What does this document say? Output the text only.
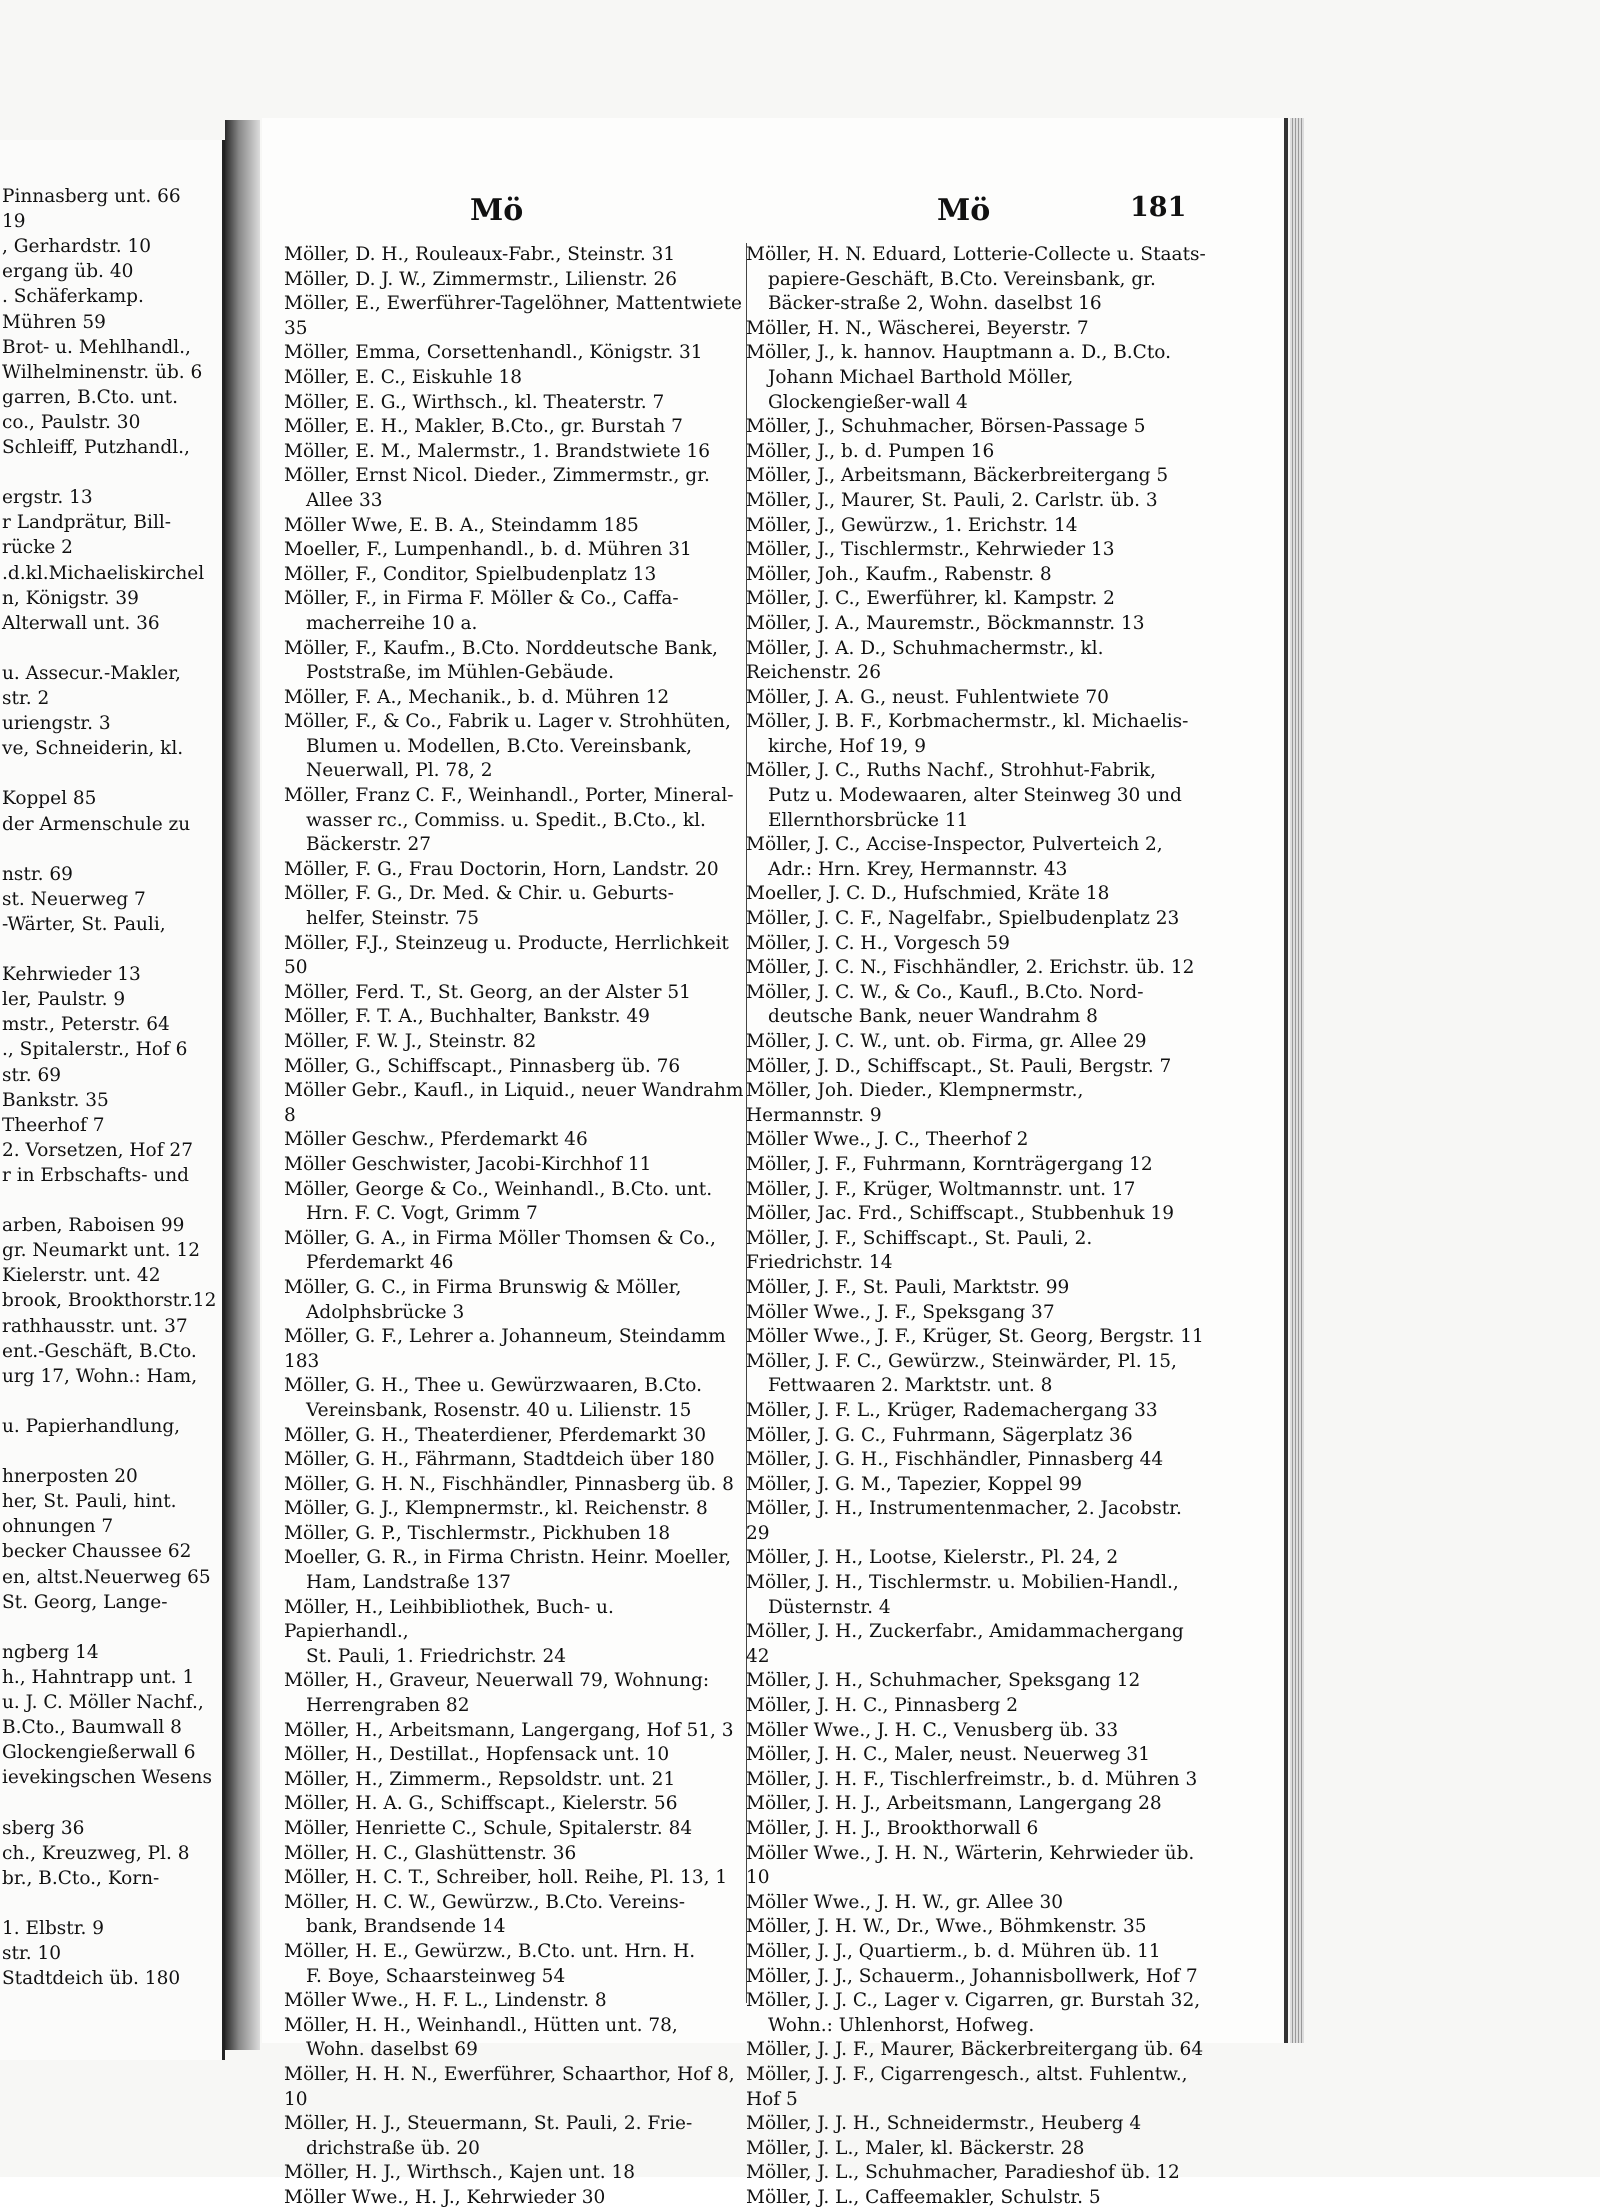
Pinnasberg unt. 66
19
, Gerhardstr. 10
ergang üb. 40
. Schäferkamp.
Mühren 59
Brot- u. Mehlhandl.,
Wilhelminenstr. üb. 6
garren, B.Cto. unt.
co., Paulstr. 30
Schleiff, Putzhandl.,
ergstr. 13
r Landprätur, Bill-
rücke 2
.d.kl.Michaeliskirchel
n, Königstr. 39
Alterwall unt. 36
u. Assecur.-Makler,
str. 2
uriengstr. 3
ve, Schneiderin, kl.
Koppel 85
der Armenschule zu
nstr. 69
st. Neuerweg 7
-Wärter, St. Pauli,
Kehrwieder 13
ler, Paulstr. 9
mstr., Peterstr. 64
., Spitalerstr., Hof 6
str. 69
Bankstr. 35
Theerhof 7
2. Vorsetzen, Hof 27
r in Erbschafts- und
arben, Raboisen 99
gr. Neumarkt unt. 12
Kielerstr. unt. 42
brook, Brookthorstr.12
rathhausstr. unt. 37
ent.-Geschäft, B.Cto.
urg 17, Wohn.: Ham,
u. Papierhandlung,
hnerposten 20
her, St. Pauli, hint.
ohnungen 7
becker Chaussee 62
en, altst.Neuerweg 65
St. Georg, Lange-
ngberg 14
h., Hahntrapp unt. 1
u. J. C. Möller Nachf.,
B.Cto., Baumwall 8
Glockengießerwall 6
ievekingschen Wesens
sberg 36
ch., Kreuzweg, Pl. 8
br., B.Cto., Korn-
1. Elbstr. 9
str. 10
Stadtdeich üb. 180
Mö	Mö	181

Möller, D. H., Rouleaux-Fabr., Steinstr. 31

Möller, D. J. W., Zimmermstr., Lilienstr. 26

Möller, E., Ewerführer-Tagelöhner, Mattentwiete 35

Möller, Emma, Corsettenhandl., Königstr. 31

Möller, E. C., Eiskuhle 18

Möller, E. G., Wirthsch., kl. Theaterstr. 7

Möller, E. H., Makler, B.Cto., gr. Burstah 7

Möller, E. M., Malermstr., 1. Brandstwiete 16

Möller, Ernst Nicol. Dieder., Zimmermstr., gr.
Allee 33

Möller Wwe, E. B. A., Steindamm 185

Moeller, F., Lumpenhandl., b. d. Mühren 31

Möller, F., Conditor, Spielbudenplatz 13

Möller, F., in Firma F. Möller & Co., Caffa-
macherreihe 10 a.

Möller, F., Kaufm., B.Cto. Norddeutsche Bank,
Poststraße, im Mühlen-Gebäude.

Möller, F. A., Mechanik., b. d. Mühren 12

Möller, F., & Co., Fabrik u. Lager v. Strohhüten,
Blumen u. Modellen, B.Cto. Vereinsbank, Neuerwall, Pl. 78, 2

Möller, Franz C. F., Weinhandl., Porter, Mineral-
wasser rc., Commiss. u. Spedit., B.Cto., kl. Bäckerstr. 27

Möller, F. G., Frau Doctorin, Horn, Landstr. 20

Möller, F. G., Dr. Med. & Chir. u. Geburts-
helfer, Steinstr. 75

Möller, F.J., Steinzeug u. Producte, Herrlichkeit 50

Möller, Ferd. T., St. Georg, an der Alster 51

Möller, F. T. A., Buchhalter, Bankstr. 49

Möller, F. W. J., Steinstr. 82

Möller, G., Schiffscapt., Pinnasberg üb. 76

Möller Gebr., Kaufl., in Liquid., neuer Wandrahm 8

Möller Geschw., Pferdemarkt 46

Möller Geschwister, Jacobi-Kirchhof 11

Möller, George & Co., Weinhandl., B.Cto. unt.
Hrn. F. C. Vogt, Grimm 7

Möller, G. A., in Firma Möller Thomsen & Co.,
Pferdemarkt 46

Möller, G. C., in Firma Brunswig & Möller,
Adolphsbrücke 3

Möller, G. F., Lehrer a. Johanneum, Steindamm 183

Möller, G. H., Thee u. Gewürzwaaren, B.Cto.
Vereinsbank, Rosenstr. 40 u. Lilienstr. 15

Möller, G. H., Theaterdiener, Pferdemarkt 30

Möller, G. H., Fährmann, Stadtdeich über 180

Möller, G. H. N., Fischhändler, Pinnasberg üb. 8

Möller, G. J., Klempnermstr., kl. Reichenstr. 8

Möller, G. P., Tischlermstr., Pickhuben 18

Moeller, G. R., in Firma Christn. Heinr. Moeller,
Ham, Landstraße 137

Möller, H., Leihbibliothek, Buch- u. Papierhandl.,
St. Pauli, 1. Friedrichstr. 24

Möller, H., Graveur, Neuerwall 79, Wohnung:
Herrengraben 82

Möller, H., Arbeitsmann, Langergang, Hof 51, 3

Möller, H., Destillat., Hopfensack unt. 10

Möller, H., Zimmerm., Repsoldstr. unt. 21

Möller, H. A. G., Schiffscapt., Kielerstr. 56

Möller, Henriette C., Schule, Spitalerstr. 84

Möller, H. C., Glashüttenstr. 36

Möller, H. C. T., Schreiber, holl. Reihe, Pl. 13, 1

Möller, H. C. W., Gewürzw., B.Cto. Vereins-
bank, Brandsende 14

Möller, H. E., Gewürzw., B.Cto. unt. Hrn. H.
F. Boye, Schaarsteinweg 54

Möller Wwe., H. F. L., Lindenstr. 8

Möller, H. H., Weinhandl., Hütten unt. 78,
Wohn. daselbst 69

Möller, H. H. N., Ewerführer, Schaarthor, Hof 8, 10

Möller, H. J., Steuermann, St. Pauli, 2. Frie-
drichstraße üb. 20

Möller, H. J., Wirthsch., Kajen unt. 18

Möller Wwe., H. J., Kehrwieder 30

Möller, H. N. Eduard, Lotterie-Collecte u. Staats-
papiere-Geschäft, B.Cto. Vereinsbank, gr. Bäcker-straße 2, Wohn. daselbst 16

Möller, H. N., Wäscherei, Beyerstr. 7

Möller, J., k. hannov. Hauptmann a. D., B.Cto.
Johann Michael Barthold Möller, Glockengießer-wall 4

Möller, J., Schuhmacher, Börsen-Passage 5

Möller, J., b. d. Pumpen 16

Möller, J., Arbeitsmann, Bäckerbreitergang 5

Möller, J., Maurer, St. Pauli, 2. Carlstr. üb. 3

Möller, J., Gewürzw., 1. Erichstr. 14

Möller, J., Tischlermstr., Kehrwieder 13

Möller, Joh., Kaufm., Rabenstr. 8

Möller, J. C., Ewerführer, kl. Kampstr. 2

Möller, J. A., Mauremstr., Böckmannstr. 13

Möller, J. A. D., Schuhmachermstr., kl. Reichenstr. 26

Möller, J. A. G., neust. Fuhlentwiete 70

Möller, J. B. F., Korbmachermstr., kl. Michaelis-
kirche, Hof 19, 9

Möller, J. C., Ruths Nachf., Strohhut-Fabrik,
Putz u. Modewaaren, alter Steinweg 30 und Ellernthorsbrücke 11

Möller, J. C., Accise-Inspector, Pulverteich 2,
Adr.: Hrn. Krey, Hermannstr. 43

Moeller, J. C. D., Hufschmied, Kräte 18

Möller, J. C. F., Nagelfabr., Spielbudenplatz 23

Möller, J. C. H., Vorgesch 59

Möller, J. C. N., Fischhändler, 2. Erichstr. üb. 12

Möller, J. C. W., & Co., Kaufl., B.Cto. Nord-
deutsche Bank, neuer Wandrahm 8

Möller, J. C. W., unt. ob. Firma, gr. Allee 29

Möller, J. D., Schiffscapt., St. Pauli, Bergstr. 7

Möller, Joh. Dieder., Klempnermstr., Hermannstr. 9

Möller Wwe., J. C., Theerhof 2

Möller, J. F., Fuhrmann, Kornträgergang 12

Möller, J. F., Krüger, Woltmannstr. unt. 17

Möller, Jac. Frd., Schiffscapt., Stubbenhuk 19

Möller, J. F., Schiffscapt., St. Pauli, 2. Friedrichstr. 14

Möller, J. F., St. Pauli, Marktstr. 99

Möller Wwe., J. F., Speksgang 37

Möller Wwe., J. F., Krüger, St. Georg, Bergstr. 11

Möller, J. F. C., Gewürzw., Steinwärder, Pl. 15,
Fettwaaren 2. Marktstr. unt. 8

Möller, J. F. L., Krüger, Rademachergang 33

Möller, J. G. C., Fuhrmann, Sägerplatz 36

Möller, J. G. H., Fischhändler, Pinnasberg 44

Möller, J. G. M., Tapezier, Koppel 99

Möller, J. H., Instrumentenmacher, 2. Jacobstr. 29

Möller, J. H., Lootse, Kielerstr., Pl. 24, 2

Möller, J. H., Tischlermstr. u. Mobilien-Handl.,
Düsternstr. 4

Möller, J. H., Zuckerfabr., Amidammachergang 42

Möller, J. H., Schuhmacher, Speksgang 12

Möller, J. H. C., Pinnasberg 2

Möller Wwe., J. H. C., Venusberg üb. 33

Möller, J. H. C., Maler, neust. Neuerweg 31

Möller, J. H. F., Tischlerfreimstr., b. d. Mühren 3

Möller, J. H. J., Arbeitsmann, Langergang 28

Möller, J. H. J., Brookthorwall 6

Möller Wwe., J. H. N., Wärterin, Kehrwieder üb. 10

Möller Wwe., J. H. W., gr. Allee 30

Möller, J. H. W., Dr., Wwe., Böhmkenstr. 35

Möller, J. J., Quartierm., b. d. Mühren üb. 11

Möller, J. J., Schauerm., Johannisbollwerk, Hof 7

Möller, J. J. C., Lager v. Cigarren, gr. Burstah 32,
Wohn.: Uhlenhorst, Hofweg.

Möller, J. J. F., Maurer, Bäckerbreitergang üb. 64

Möller, J. J. F., Cigarrengesch., altst. Fuhlentw., Hof 5

Möller, J. J. H., Schneidermstr., Heuberg 4

Möller, J. L., Maler, kl. Bäckerstr. 28

Möller, J. L., Schuhmacher, Paradieshof üb. 12

Möller, J. L., Caffeemakler, Schulstr. 5
